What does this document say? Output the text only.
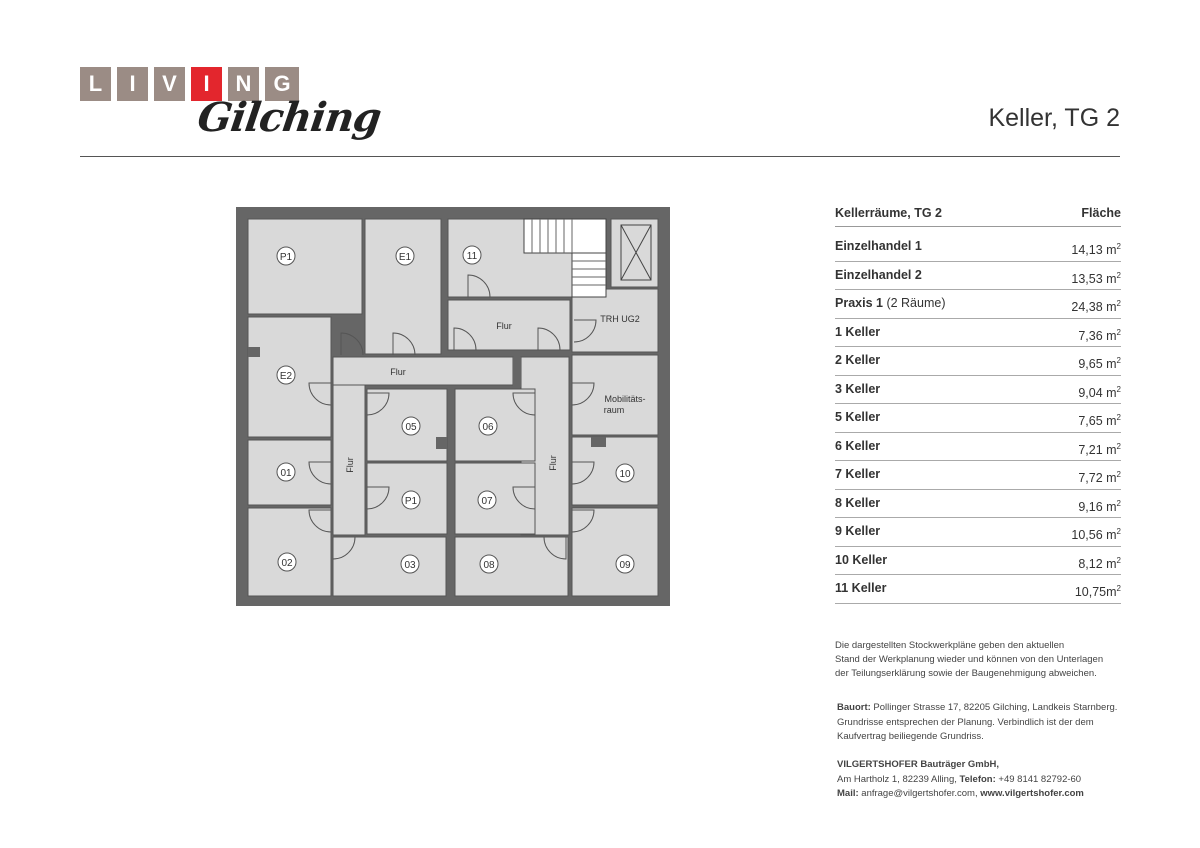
L	I	V	I	N	G
Gilching	Keller, TG 2
P1	E1	11
E2
01
05	06
10
P1	07
02	03	08	09
Flur
Flur
TRH UG2
Mobilitäts-
raum
Flur	Flur
Kellerräume, TG 2	Fläche
Einzelhandel 1	14,13 $m^2$
Einzelhandel 2	13,53 $m^2$
Praxis 1 (2 Räume)	24,38 $m^2$
1 Keller	7,36 $m^2$
2 Keller	9,65 $m^2$
3 Keller	9,04 $m^2$
5 Keller	7,65 $m^2$
6 Keller	7,21 $m^2$
7 Keller	7,72 $m^2$
8 Keller	9,16 $m^2$
9 Keller	10,56 $m^2$
10 Keller	8,12 $m^2$
11 Keller	$10,75m^2$
Die dargestellten Stockwerkpläne geben den aktuellen
Stand der Werkplanung wieder und können von den Unterlagen
der Teilungserklärung sowie der Baugenehmigung abweichen.
Bauort: Pollinger Strasse 17, 82205 Gilching, Landkeis Starnberg.
Grundrisse entsprechen der Planung. Verbindlich ist der dem
Kaufvertrag beiliegende Grundriss.
VILGERTSHOFER Bauträger GmbH,
Am Hartholz 1, 82239 Alling, Telefon: +49 8141 82792-60
Mail: anfrage@vilgertshofer.com, www.vilgertshofer.com
